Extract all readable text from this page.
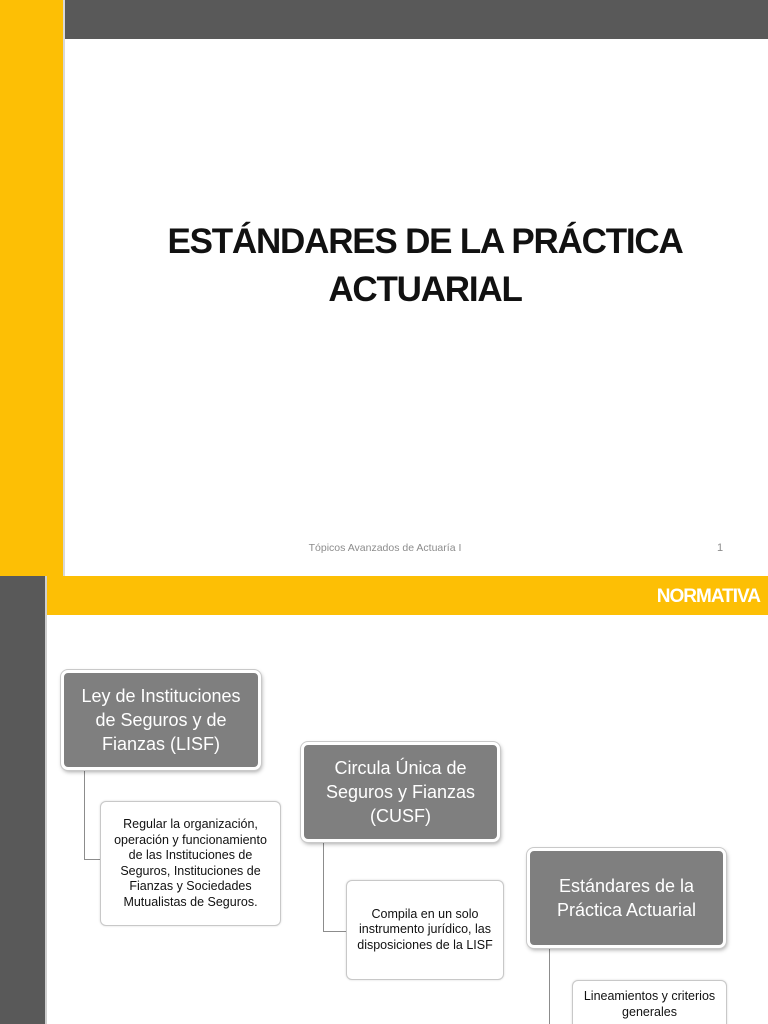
ESTÁNDARES DE LA PRÁCTICA
ACTUARIAL
Tópicos Avanzados de Actuaría I	1
NORMATIVA
Ley de Instituciones de Seguros y de Fianzas (LISF)
Regular la organización, operación y funcionamiento de las Instituciones de Seguros, Instituciones de Fianzas y Sociedades Mutualistas de Seguros.
Circula Única de Seguros y Fianzas (CUSF)
Compila en un solo instrumento jurídico, las disposiciones de la LISF
Estándares de la Práctica Actuarial
Lineamientos y criterios generales
